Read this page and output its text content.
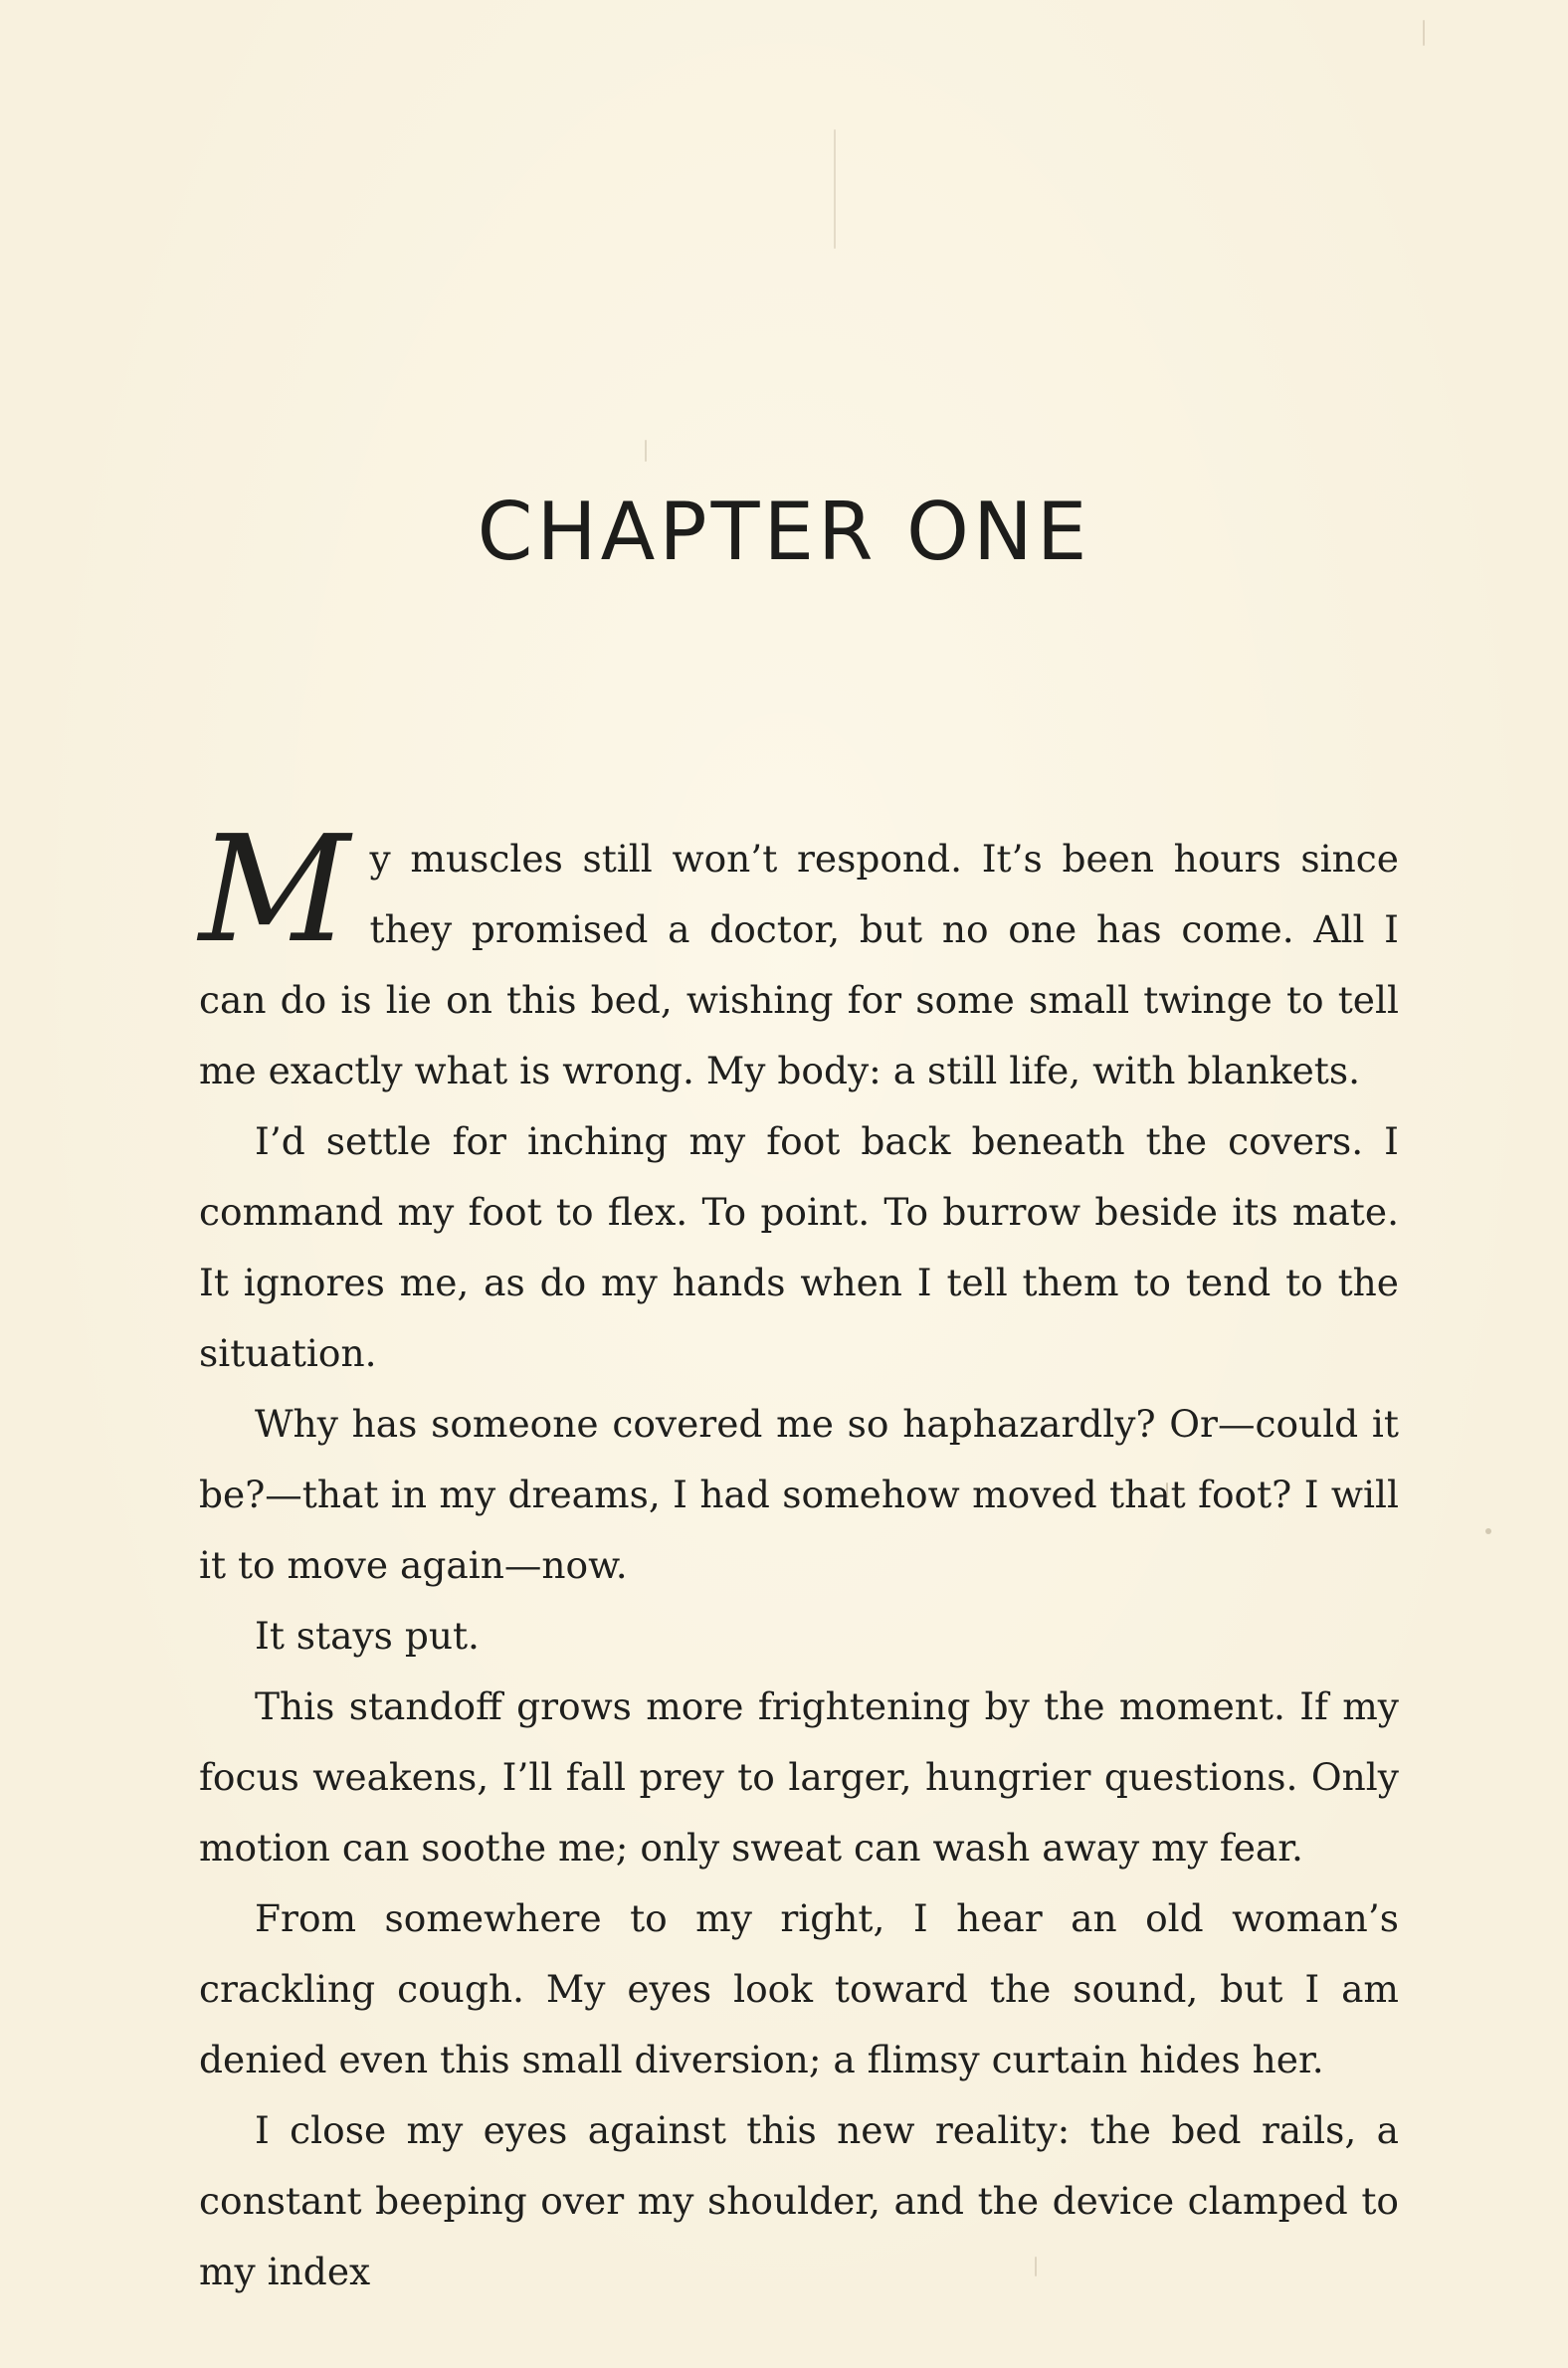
CHAPTER ONE

My muscles still won’t respond. It’s been hours since they promised a doctor, but no one has come. All I can do is lie on this bed, wishing for some small twinge to tell me exactly what is wrong. My body: a still life, with blankets.

I’d settle for inching my foot back beneath the covers. I command my foot to flex. To point. To burrow beside its mate. It ignores me, as do my hands when I tell them to tend to the situation.

Why has someone covered me so haphazardly? Or—could it be?—that in my dreams, I had somehow moved that foot? I will it to move again—now.

It stays put.

This standoff grows more frightening by the moment. If my focus weakens, I’ll fall prey to larger, hungrier questions. Only motion can soothe me; only sweat can wash away my fear.

From somewhere to my right, I hear an old woman’s crackling cough. My eyes look toward the sound, but I am denied even this small diversion; a flimsy curtain hides her.

I close my eyes against this new reality: the bed rails, a constant beeping over my shoulder, and the device clamped to my index
